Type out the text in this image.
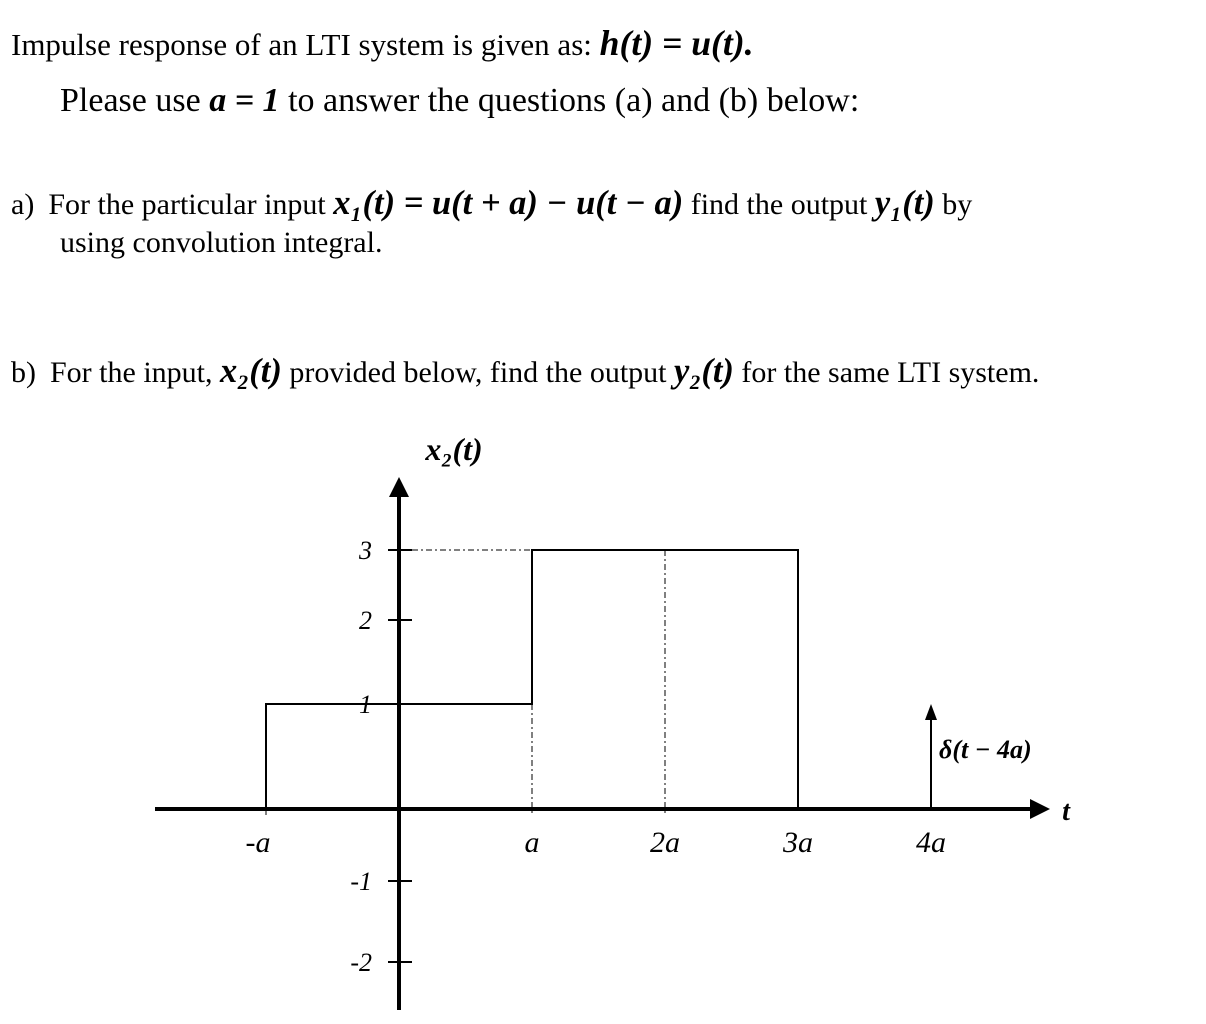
Impulse response of an LTI system is given as: h(t) = u(t).
Please use a = 1 to answer the questions (a) and (b) below:
a) For the particular input x₁(t) = u(t + a) − u(t − a) find the output y₁(t) by
using convolution integral.
b) For the input, x₂(t) provided below, find the output y₂(t) for the same LTI system.
x₂(t)
t
3
2
1
-1
-2
-a	a	2a	3a	4a
δ(t − 4a)
